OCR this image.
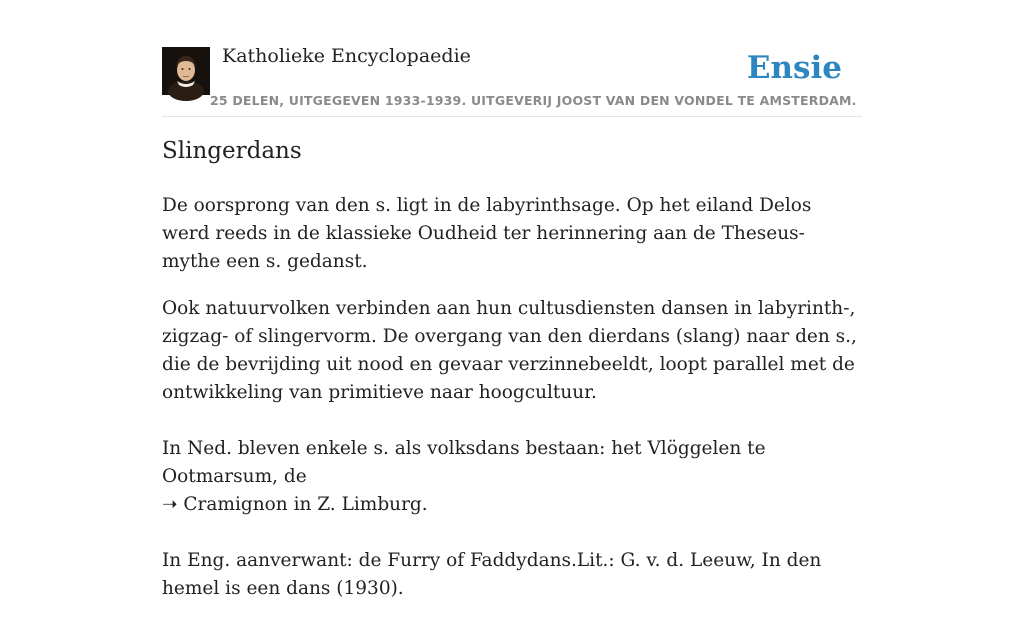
Katholieke Encyclopaedie
25 DELEN, UITGEGEVEN 1933-1939. UITGEVERIJ JOOST VAN DEN VONDEL TE AMSTERDAM.
Ensie
Slingerdans

De oorsprong van den s. ligt in de labyrinthsage. Op het eiland Delos werd reeds in de klassieke Oudheid ter herinnering aan de Theseus-mythe een s. gedanst.

Ook natuurvolken verbinden aan hun cultusdiensten dansen in labyrinth-, zigzag- of slingervorm. De overgang van den dierdans (slang) naar den s., die de bevrijding uit nood en gevaar verzinnebeeldt, loopt parallel met de ontwikkeling van primitieve naar hoogcultuur.

In Ned. bleven enkele s. als volksdans bestaan: het Vlöggelen te Ootmarsum, de
➝ Cramignon in Z. Limburg.

In Eng. aanverwant: de Furry of Faddydans.Lit.: G. v. d. Leeuw, In den hemel is een dans (1930).
